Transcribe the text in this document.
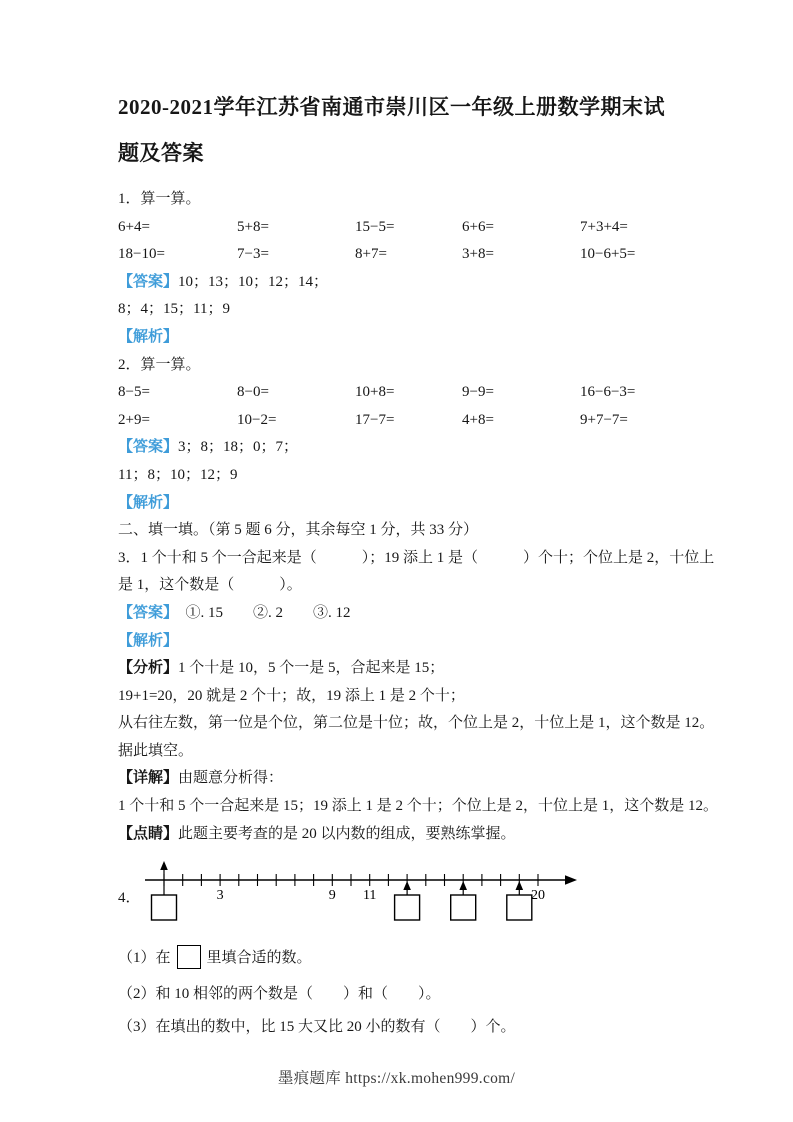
2020-2021学年江苏省南通市崇川区一年级上册数学期末试
题及答案
1．算一算。
6+4=	5+8=	15−5=	6+6=	7+3+4=
18−10=	7−3=	8+7=	3+8=	10−6+5=
【答案】10；13；10；12；14；
8；4；15；11；9
【解析】
2．算一算。
8−5=	8−0=	10+8=	9−9=	16−6−3=
2+9=	10−2=	17−7=	4+8=	9+7−7=
【答案】3；8；18；0；7；
11；8；10；12；9
【解析】
二、填一填。（第 5 题 6 分，其余每空 1 分，共 33 分）
3．1 个十和 5 个一合起来是（　　　）；19 添上 1 是（　　　）个十；个位上是 2，十位上
是 1，这个数是（　　　）。
【答案】　①. 15　　②. 2　　③. 12
【解析】
【分析】1 个十是 10，5 个一是 5，合起来是 15；
19+1=20，20 就是 2 个十；故，19 添上 1 是 2 个十；
从右往左数，第一位是个位，第二位是十位；故，个位上是 2，十位上是 1，这个数是 12。
据此填空。
【详解】由题意分析得：
1 个十和 5 个一合起来是 15；19 添上 1 是 2 个十；个位上是 2，十位上是 1，这个数是 12。
【点睛】此题主要考查的是 20 以内数的组成，要熟练掌握。
4．	3	9 11	20
（1）在 里填合适的数。
（2）和 10 相邻的两个数是（　　）和（　　）。
（3）在填出的数中，比 15 大又比 20 小的数有（　　）个。
墨痕题库 https://xk.mohen999.com/
